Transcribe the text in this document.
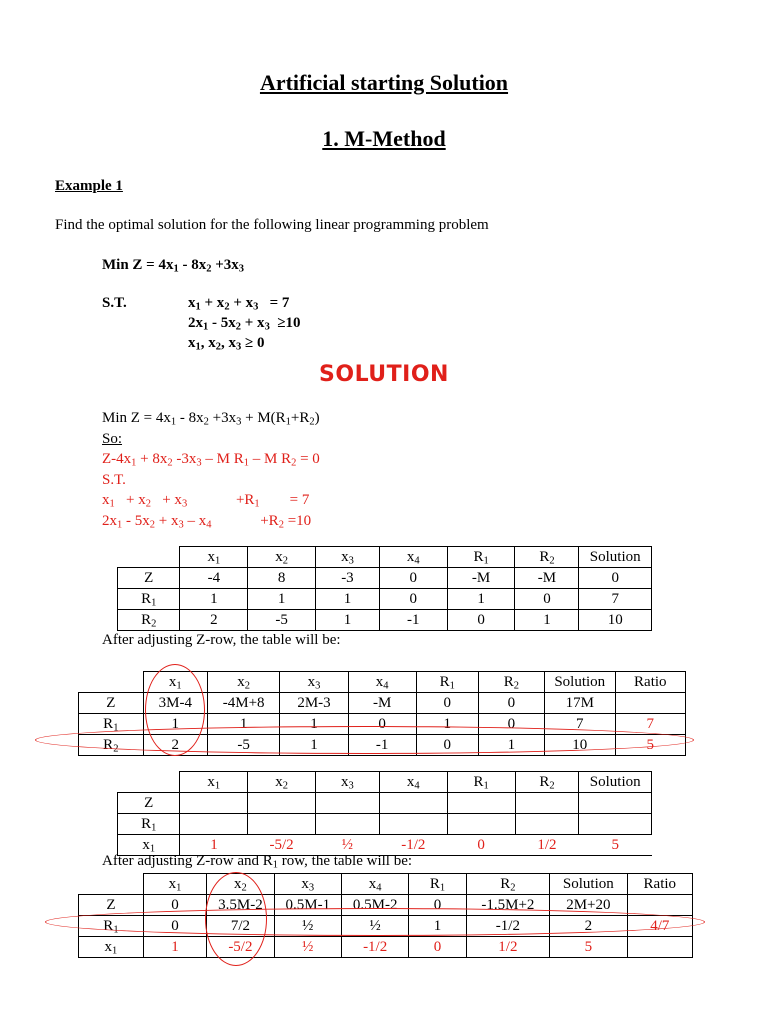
Artificial starting Solution
1. M-Method
Example 1
Find the optimal solution for the following linear programming problem
Min $Z = 4x_1 - 8x_2 +3x_3$
S.T.	$x_1 + x_2 + x_3 = 7$
$2x_1 - 5x_2 + x_3 \ge 10$
$x_1$, $x_2$, $x_3 \ge 0$
SOLUTION
Min $Z = 4x_1 - 8x_2 +3x_3 + M(R_1+R_2)$
So:
$Z-4x_1 + 8x_2$ $-3x_3$ – M $R_1$ – M $R_2 = 0$
S.T.
$x_1 + x_2 + x_3$             $+R_1$        = 7
$2x_1 - 5x_2 + x_3 - x_4$             $+R_2 =10$
	$x_1$	$x_2$	$x_3$	$x_4$	$R_1$	$R_2$	Solution
Z	-4	8	-3	0	-M	-M	0
$R_1$	1	1	1	0	1	0	7
$R_2$	2	-5	1	-1	0	1	10
After adjusting Z-row, the table will be:
	$x_1$	$x_2$	$x_3$	$x_4$	$R_1$	$R_2$	Solution	Ratio
Z	3M-4	-4M+8	2M-3	-M	0	0	17M	
$R_1$	1	1	1	0	1	0	7	7
$R_2$	2	-5	1	-1	0	1	10	5
	$x_1$	$x_2$	$x_3$	$x_4$	$R_1$	$R_2$	Solution
Z							
$R_1$							
$x_1$	1	-5/2	½	-1/2	0	1/2	5
After adjusting Z-row and $R_1$ row, the table will be:
	$x_1$	$x_2$	$x_3$	$x_4$	$R_1$	$R_2$	Solution	Ratio
Z	0	3.5M-2	0.5M-1	0.5M-2	0	-1.5M+2	2M+20	
$R_1$	0	7/2	½	½	1	-1/2	2	4/7
$x_1$	1	-5/2	½	-1/2	0	1/2	5	
